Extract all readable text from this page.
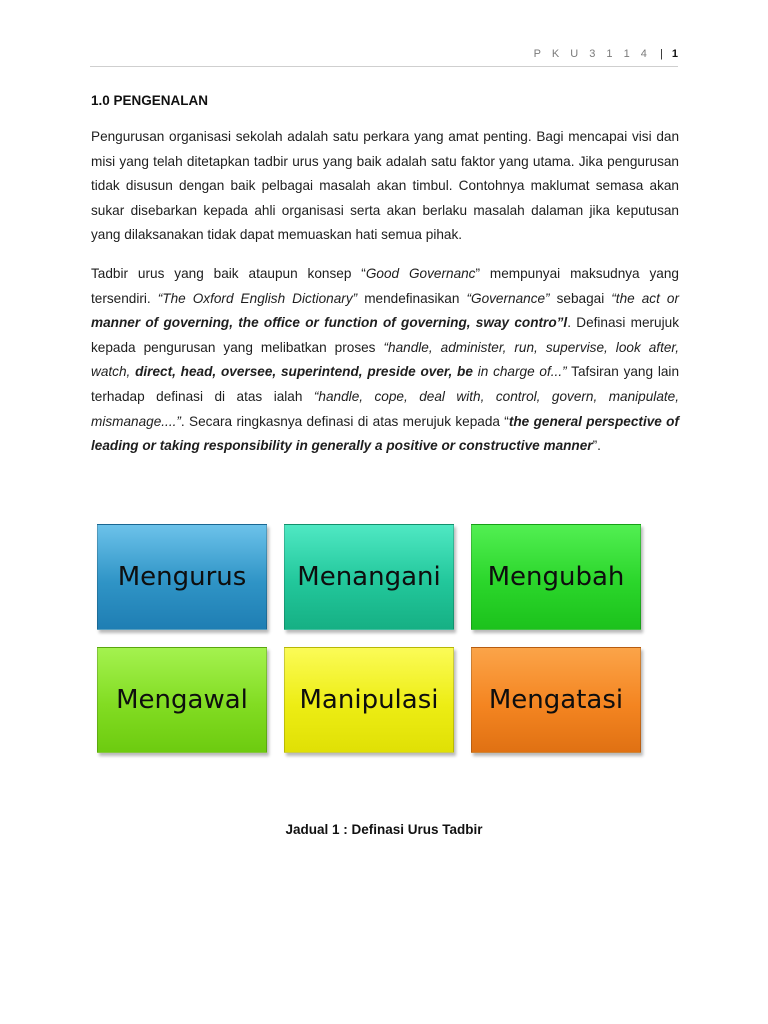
P K U 3 1 1 4 | 1
1.0 PENGENALAN
Pengurusan organisasi sekolah adalah satu perkara yang amat penting. Bagi mencapai visi dan misi yang telah ditetapkan tadbir urus yang baik adalah satu faktor yang utama. Jika pengurusan tidak disusun dengan baik pelbagai masalah akan timbul. Contohnya maklumat semasa akan sukar disebarkan kepada ahli organisasi serta akan berlaku masalah dalaman jika keputusan yang dilaksanakan tidak dapat memuaskan hati semua pihak.
Tadbir urus yang baik ataupun konsep “Good Governanc” mempunyai maksudnya yang tersendiri. “The Oxford English Dictionary” mendefinasikan “Governance” sebagai “the act or manner of governing, the office or function of governing, sway contro”l. Definasi merujuk kepada pengurusan yang melibatkan proses “handle, administer, run, supervise, look after, watch, direct, head, oversee, superintend, preside over, be in charge of...” Tafsiran yang lain terhadap definasi di atas ialah “handle, cope, deal with, control, govern, manipulate, mismanage....”. Secara ringkasnya definasi di atas merujuk kepada “the general perspective of leading or taking responsibility in generally a positive or constructive manner”.
Mengurus	Menangani	Mengubah
Mengawal	Manipulasi	Mengatasi
Jadual 1 : Definasi Urus Tadbir
